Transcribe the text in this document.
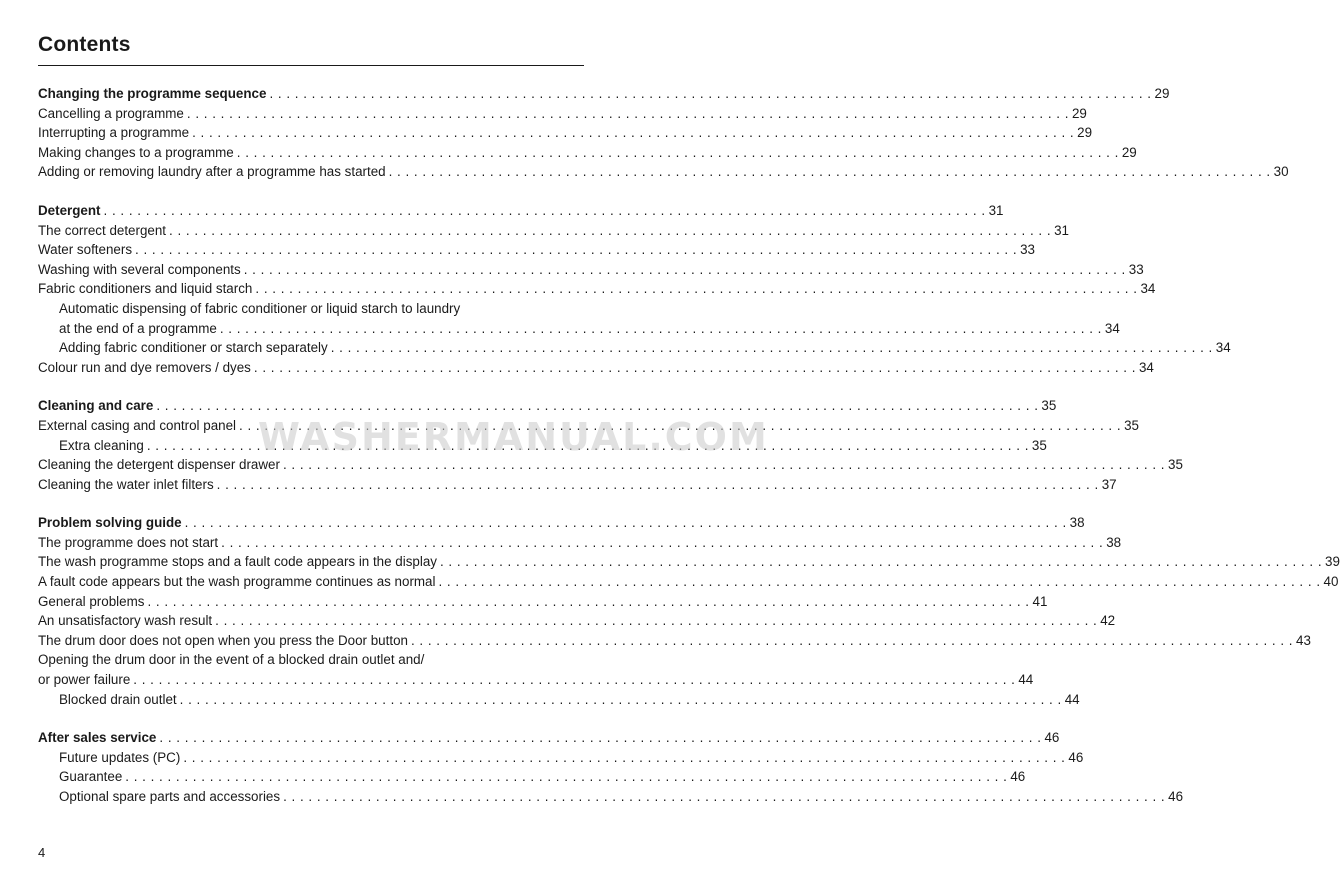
Contents
Changing the programme sequence . . .	29
Cancelling a programme . . .	29
Interrupting a programme . . .	29
Making changes to a programme . . .	29
Adding or removing laundry after a programme has started . . .	30
Detergent . . .	31
The correct detergent . . .	31
Water softeners . . .	33
Washing with several components . . .	33
Fabric conditioners and liquid starch . . .	34
Automatic dispensing of fabric conditioner or liquid starch to laundry
at the end of a programme . . .	34
Adding fabric conditioner or starch separately . . .	34
Colour run and dye removers / dyes . . .	34
Cleaning and care . . .	35
External casing and control panel . . .	35
Extra cleaning . . .	35
Cleaning the detergent dispenser drawer . . .	35
Cleaning the water inlet filters . . .	37
Problem solving guide . . .	38
The programme does not start . . .	38
The wash programme stops and a fault code appears in the display . . .	39
A fault code appears but the wash programme continues as normal . . .	40
General problems . . .	41
An unsatisfactory wash result . . .	42
The drum door does not open when you press the Door button . . .	43
Opening the drum door in the event of a blocked drain outlet and/
or power failure . . .	44
Blocked drain outlet . . .	44
After sales service . . .	46
Future updates (PC) . . .	46
Guarantee . . .	46
Optional spare parts and accessories . . .	46
WASHERMANUAL.COM
4
